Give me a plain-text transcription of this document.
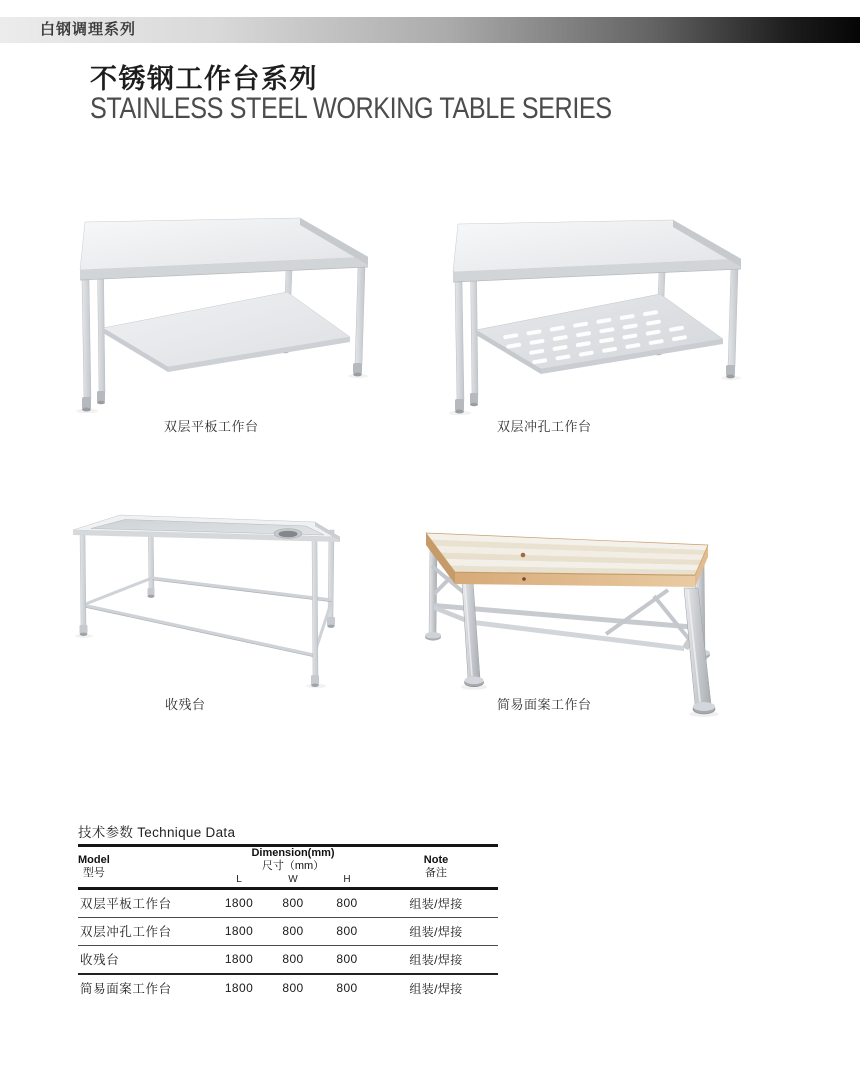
白钢调理系列
不锈钢工作台系列
STAINLESS STEEL WORKING TABLE SERIES
双层平板工作台	双层冲孔工作台
收残台	简易面案工作台
技术参数 Technique Data
Model
型号

Dimension(mm)
尺寸（mm）

Note
备注

	L	W	H	
双层平板工作台	1800	800	800	组装/焊接
双层冲孔工作台	1800	800	800	组装/焊接
收残台	1800	800	800	组装/焊接
简易面案工作台	1800	800	800	组装/焊接
